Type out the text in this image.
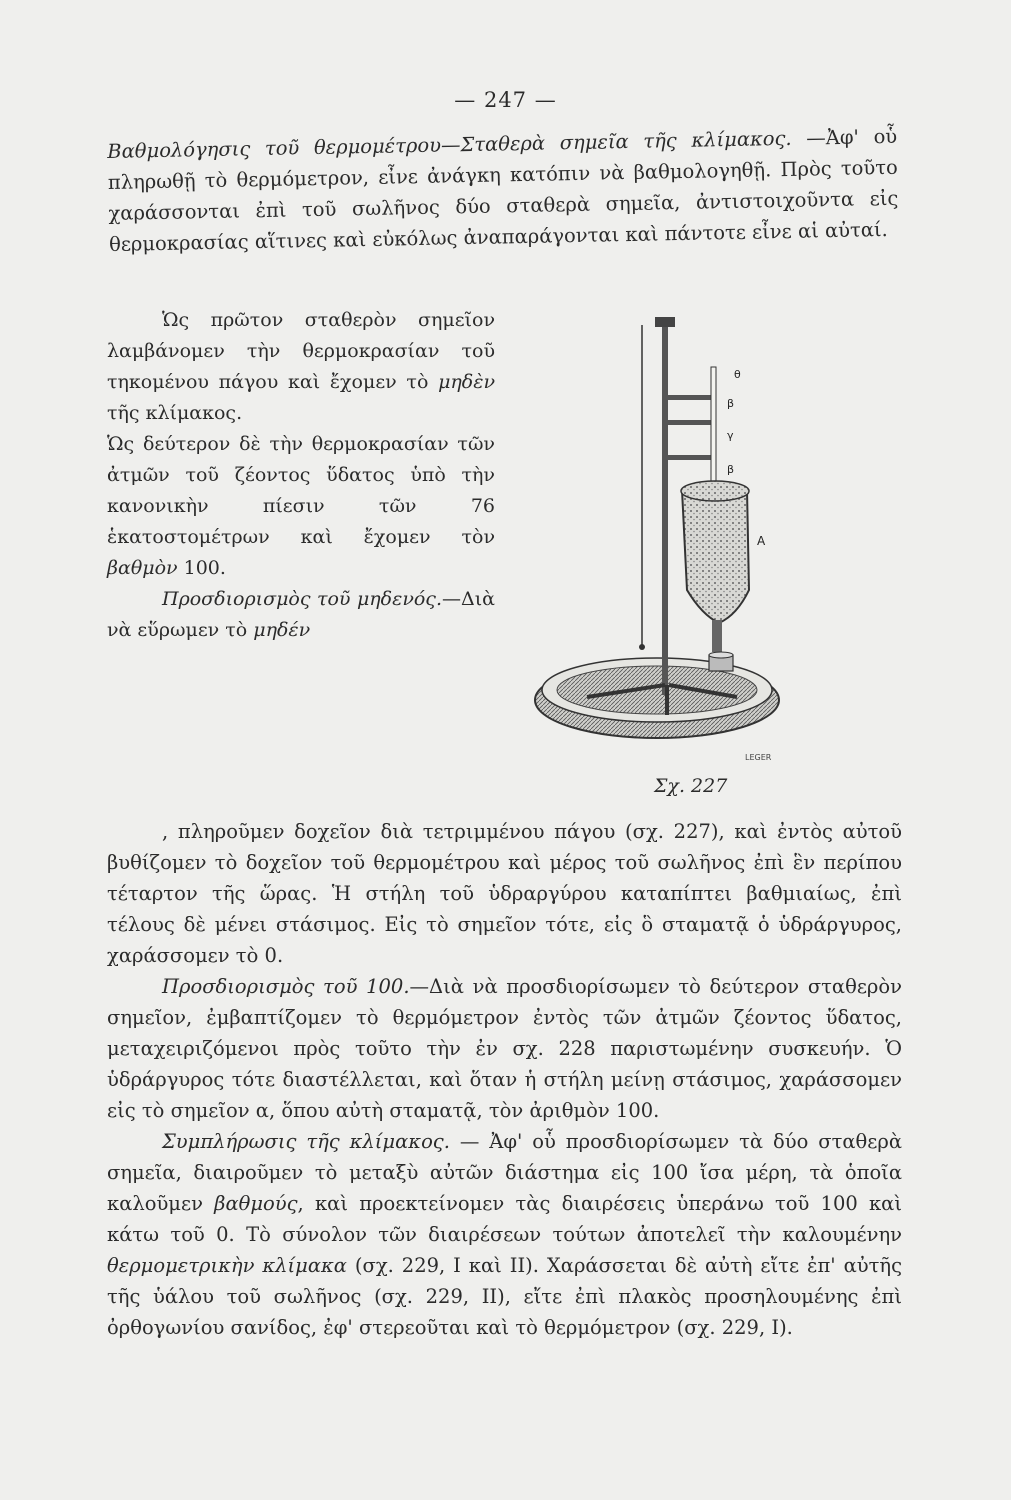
— 247 —

Βαθμολόγησις τοῦ θερμομέτρου—Σταθερὰ σημεῖα τῆς κλίμακος. —Ἀφ' οὗ πληρωθῇ τὸ θερμόμετρον, εἶνε ἀνάγκη κατόπιν νὰ βαθμολογηθῇ. Πρὸς τοῦτο χαράσσονται ἐπὶ τοῦ σωλῆνος δύο σταθερὰ σημεῖα, ἀντιστοιχοῦντα εἰς θερμοκρασίας αἵτινες καὶ εὐκόλως ἀναπαράγονται καὶ πάντοτε εἶνε αἱ αὐταί.

Ὡς πρῶτον σταθερὸν σημεῖον λαμβάνομεν τὴν θερμοκρασίαν τοῦ τηκομένου πάγου καὶ ἔχομεν τὸ μηδὲν τῆς κλίμακος.

Ὡς δεύτερον δὲ τὴν θερμοκρασίαν τῶν ἀτμῶν τοῦ ζέοντος ὕδατος ὑπὸ τὴν κανονικὴν πίεσιν τῶν 76 ἑκατοστομέτρων καὶ ἔχομεν τὸν βαθμὸν 100.

Προσδιορισμὸς τοῦ μηδενός.—Διὰ νὰ εὕρωμεν τὸ μηδέν

θ
β
γ
β
Α
LEGER
Σχ. 227

, πληροῦμεν δοχεῖον διὰ τετριμμένου πάγου (σχ. 227), καὶ ἐντὸς αὐτοῦ βυθίζομεν τὸ δοχεῖον τοῦ θερμομέτρου καὶ μέρος τοῦ σωλῆνος ἐπὶ ἓν περίπου τέταρτον τῆς ὥρας. Ἡ στήλη τοῦ ὑδραργύρου καταπίπτει βαθμιαίως, ἐπὶ τέλους δὲ μένει στάσιμος. Εἰς τὸ σημεῖον τότε, εἰς ὃ σταματᾷ ὁ ὑδράργυρος, χαράσσομεν τὸ 0.

Προσδιορισμὸς τοῦ 100.—Διὰ νὰ προσδιορίσωμεν τὸ δεύτερον σταθερὸν σημεῖον, ἐμβαπτίζομεν τὸ θερμόμετρον ἐντὸς τῶν ἀτμῶν ζέοντος ὕδατος, μεταχειριζόμενοι πρὸς τοῦτο τὴν ἐν σχ. 228 παριστωμένην συσκευήν. Ὁ ὑδράργυρος τότε διαστέλλεται, καὶ ὅταν ἡ στήλη μείνῃ στάσιμος, χαράσσομεν εἰς τὸ σημεῖον α, ὅπου αὐτὴ σταματᾷ, τὸν ἀριθμὸν 100.

Συμπλήρωσις τῆς κλίμακος. — Ἀφ' οὗ προσδιορίσωμεν τὰ δύο σταθερὰ σημεῖα, διαιροῦμεν τὸ μεταξὺ αὐτῶν διάστημα εἰς 100 ἴσα μέρη, τὰ ὁποῖα καλοῦμεν βαθμούς, καὶ προεκτείνομεν τὰς διαιρέσεις ὑπεράνω τοῦ 100 καὶ κάτω τοῦ 0. Τὸ σύνολον τῶν διαιρέσεων τούτων ἀποτελεῖ τὴν καλουμένην θερμομετρικὴν κλίμακα (σχ. 229, I καὶ II). Χαράσσεται δὲ αὐτὴ εἴτε ἐπ' αὐτῆς τῆς ὑάλου τοῦ σωλῆνος (σχ. 229, II), εἴτε ἐπὶ πλακὸς προσηλουμένης ἐπὶ ὀρθογωνίου σανίδος, ἐφ' στερεοῦται καὶ τὸ θερμόμετρον (σχ. 229, I).
